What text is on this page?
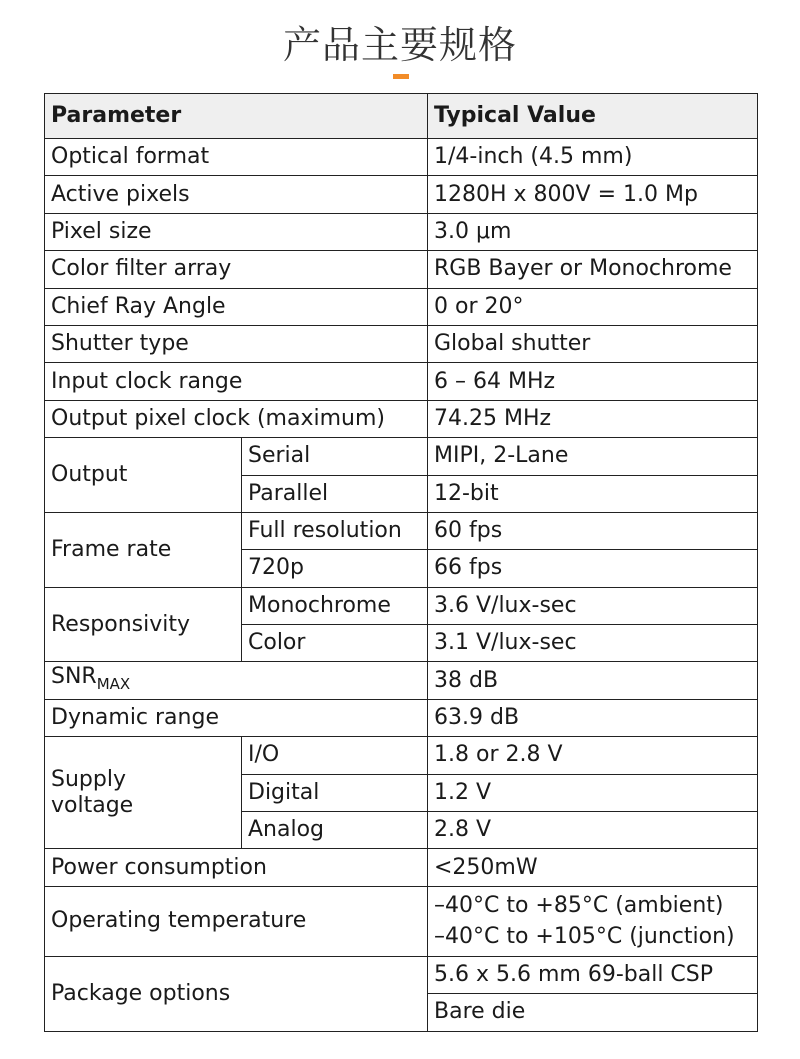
产品主要规格
Parameter		Typical Value
Optical format		1/4-inch (4.5 mm)
Active pixels		1280H x 800V = 1.0 Mp
Pixel size		3.0 μm
Color filter array		RGB Bayer or Monochrome
Chief Ray Angle		0 or 20°
Shutter type		Global shutter
Input clock range		6 – 64 MHz
Output pixel clock (maximum)		74.25 MHz
Output	Serial	MIPI, 2-Lane
	Parallel	12-bit
Frame rate	Full resolution	60 fps
	720p	66 fps
Responsivity	Monochrome	3.6 V/lux-sec
	Color	3.1 V/lux-sec
$SNR_{MAX}$		38 dB
Dynamic range		63.9 dB
Supply
voltage	I/O	1.8 or 2.8 V
	Digital	1.2 V
	Analog	2.8 V
Power consumption		<250mW
Operating temperature		–40°C to +85°C (ambient)
–40°C to +105°C (junction)
Package options		5.6 x 5.6 mm 69-ball CSP
		Bare die
